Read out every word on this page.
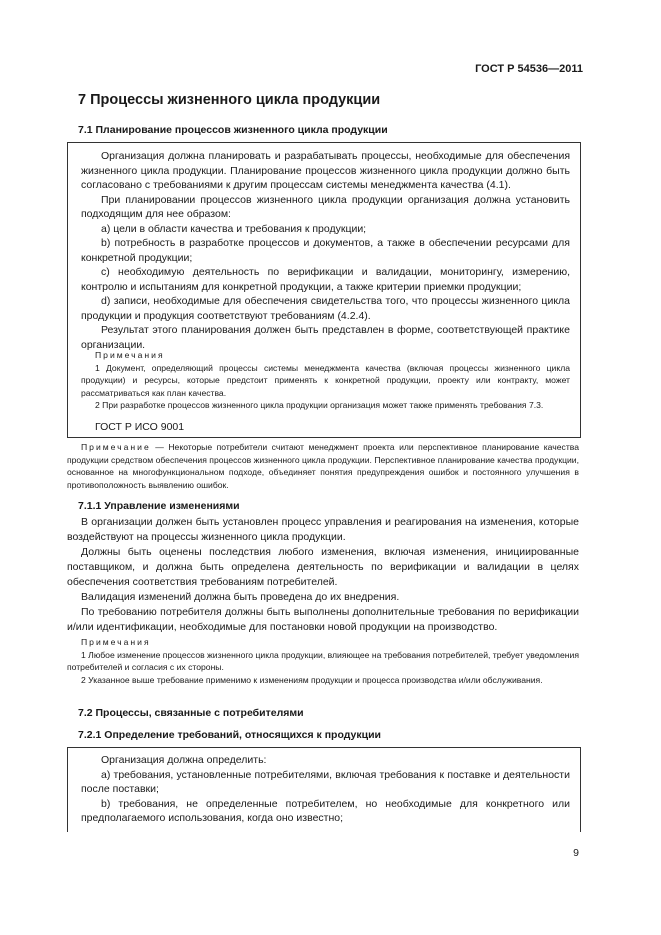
ГОСТ Р 54536—2011
7 Процессы жизненного цикла продукции
7.1 Планирование процессов жизненного цикла продукции

Организация должна планировать и разрабатывать процессы, необходимые для обеспечения жизненного цикла продукции. Планирование процессов жизненного цикла продукции должно быть согласовано с требованиями к другим процессам системы менеджмента качества (4.1).

При планировании процессов жизненного цикла продукции организация должна установить подходящим для нее образом:

a) цели в области качества и требования к продукции;

b) потребность в разработке процессов и документов, а также в обеспечении ресурсами для конкретной продукции;

c) необходимую деятельность по верификации и валидации, мониторингу, измерению, контролю и испытаниям для конкретной продукции, а также критерии приемки продукции;

d) записи, необходимые для обеспечения свидетельства того, что процессы жизненного цикла продукции и продукция соответствуют требованиям (4.2.4).

Результат этого планирования должен быть представлен в форме, соответствующей практике организации.

Примечания

1 Документ, определяющий процессы системы менеджмента качества (включая процессы жизненного цикла продукции) и ресурсы, которые предстоит применять к конкретной продукции, проекту или контракту, может рассматриваться как план качества.

2 При разработке процессов жизненного цикла продукции организация может также применять требования 7.3.

ГОСТ Р ИСО 9001

Примечание — Некоторые потребители считают менеджмент проекта или перспективное планирование качества продукции средством обеспечения процессов жизненного цикла продукции. Перспективное планирование качества продукции, основанное на многофункциональном подходе, объединяет понятия предупреждения ошибок и постоянного улучшения в противоположность выявлению ошибок.

7.1.1 Управление изменениями

В организации должен быть установлен процесс управления и реагирования на изменения, которые воздействуют на процессы жизненного цикла продукции.

Должны быть оценены последствия любого изменения, включая изменения, инициированные поставщиком, и должна быть определена деятельность по верификации и валидации в целях обеспечения соответствия требованиям потребителей.

Валидация изменений должна быть проведена до их внедрения.

По требованию потребителя должны быть выполнены дополнительные требования по верификации и/или идентификации, необходимые для постановки новой продукции на производство.

Примечания

1 Любое изменение процессов жизненного цикла продукции, влияющее на требования потребителей, требует уведомления потребителей и согласия с их стороны.

2 Указанное выше требование применимо к изменениям продукции и процесса производства и/или обслуживания.

7.2 Процессы, связанные с потребителями
7.2.1 Определение требований, относящихся к продукции

Организация должна определить:

a) требования, установленные потребителями, включая требования к поставке и деятельности после поставки;

b) требования, не определенные потребителем, но необходимые для конкретного или предполагаемого использования, когда оно известно;

9
